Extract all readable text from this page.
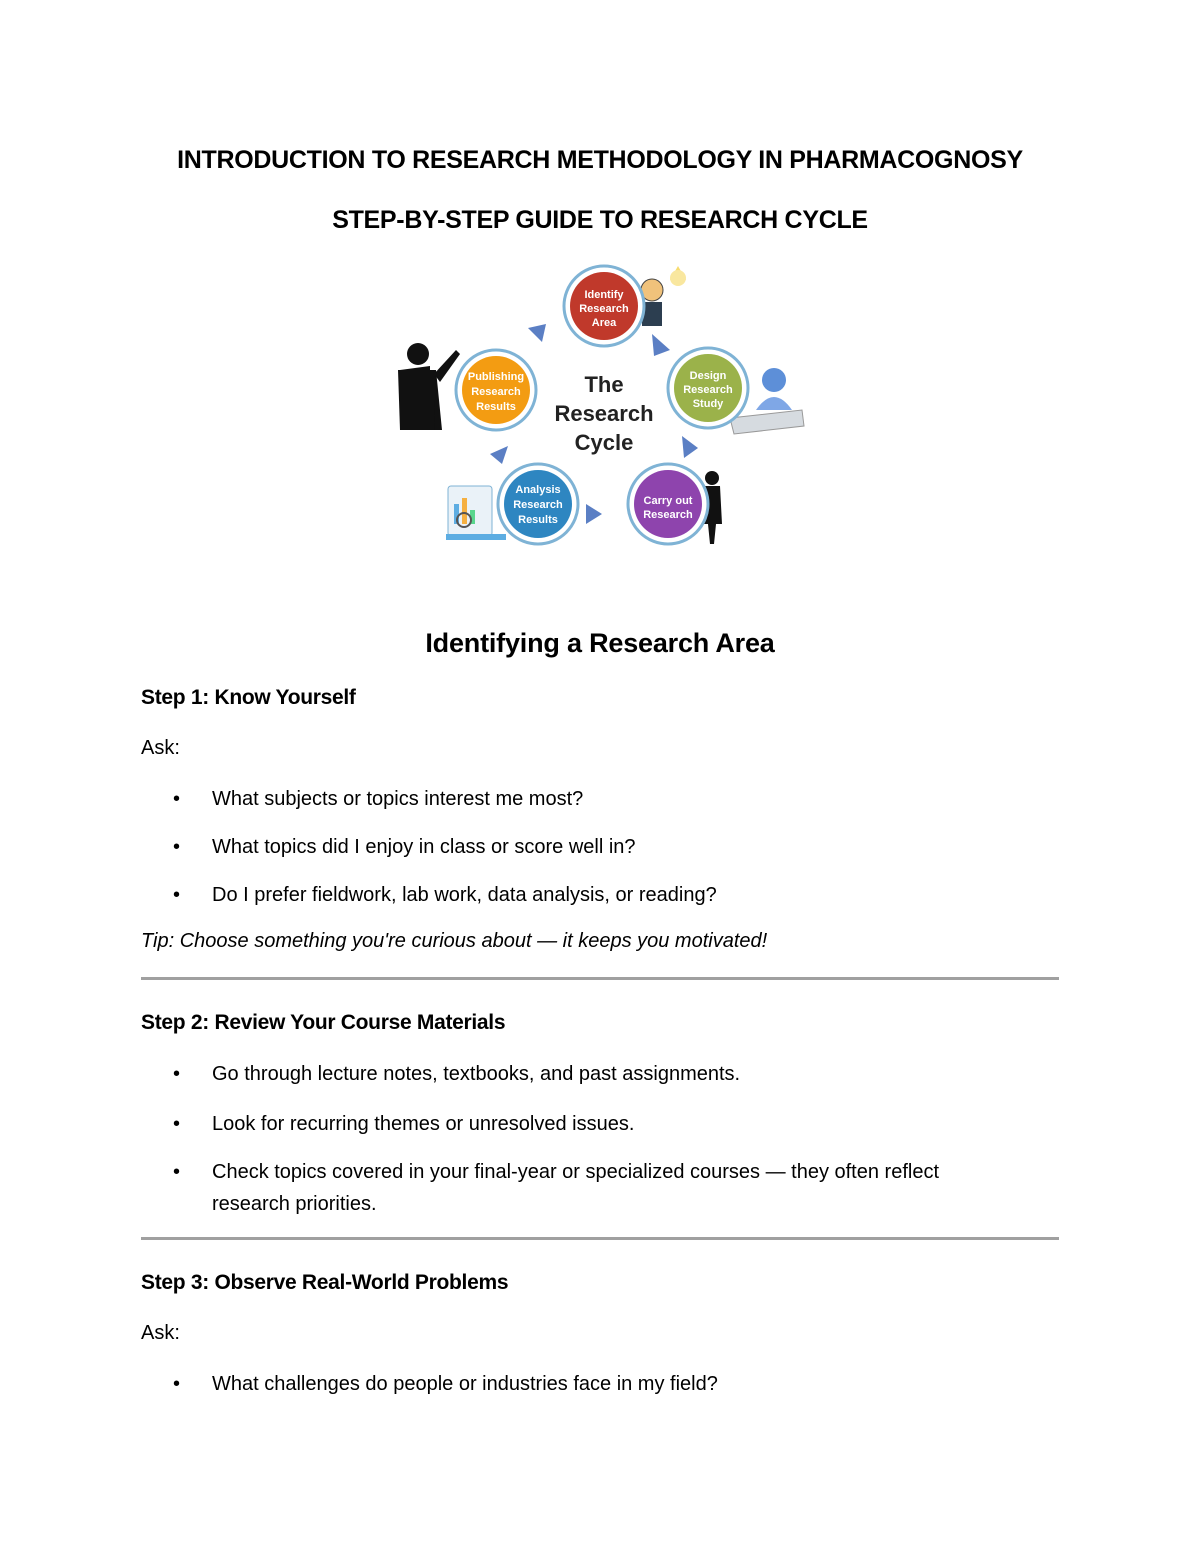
INTRODUCTION TO RESEARCH METHODOLOGY IN PHARMACOGNOSY
STEP-BY-STEP GUIDE TO RESEARCH CYCLE
Identify
Research
Area
Design
Research
Study
Carry out
Research
Analysis
Research
Results
Publishing
Research
Results
The
Research
Cycle
Identifying a Research Area
Step 1: Know Yourself
Ask:
• What subjects or topics interest me most?
• What topics did I enjoy in class or score well in?
• Do I prefer fieldwork, lab work, data analysis, or reading?
Tip: Choose something you're curious about — it keeps you motivated!
Step 2: Review Your Course Materials
• Go through lecture notes, textbooks, and past assignments.
• Look for recurring themes or unresolved issues.
• Check topics covered in your final-year or specialized courses — they often reflect research priorities.
Step 3: Observe Real-World Problems
Ask:
• What challenges do people or industries face in my field?
